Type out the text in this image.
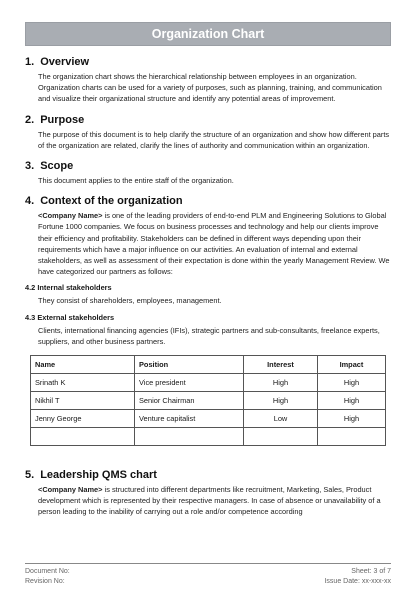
Organization Chart
1. Overview

The organization chart shows the hierarchical relationship between employees in an organization. Organization charts can be used for a variety of purposes, such as planning, training, and communication and visualize their organizational structure and identify any potential areas of improvement.

2. Purpose

The purpose of this document is to help clarify the structure of an organization and show how different parts of the organization are related, clarify the lines of authority and communication within an organization.

3. Scope

This document applies to the entire staff of the organization.

4. Context of the organization

<Company Name> is one of the leading providers of end-to-end PLM and Engineering Solutions to Global Fortune 1000 companies. We focus on business processes and technology and help our clients improve their efficiency and profitability. Stakeholders can be defined in different ways depending upon their requirements which have a major influence on our activities. An evaluation of internal and external stakeholders, as well as assessment of their expectation is done within the yearly Management Review. We have categorized our partners as follows:

4.2 Internal stakeholders

They consist of shareholders, employees, management.

4.3 External stakeholders

Clients, international financing agencies (IFIs), strategic partners and sub-consultants, freelance experts, suppliers, and other business partners.

Name	Position	Interest	Impact
Srinath K	Vice president	High	High
Nikhil T	Senior Chairman	High	High
Jenny George	Venture capitalist	Low	High

5. Leadership QMS chart

<Company Name> is structured into different departments like recruitment, Marketing, Sales, Product development which is represented by their respective managers. In case of absence or unavailability of a person leading to the inability of carrying out a role and/or competence according

Document No:	Sheet: 3 of 7
Revision No:	Issue Date: xx-xxx-xx
